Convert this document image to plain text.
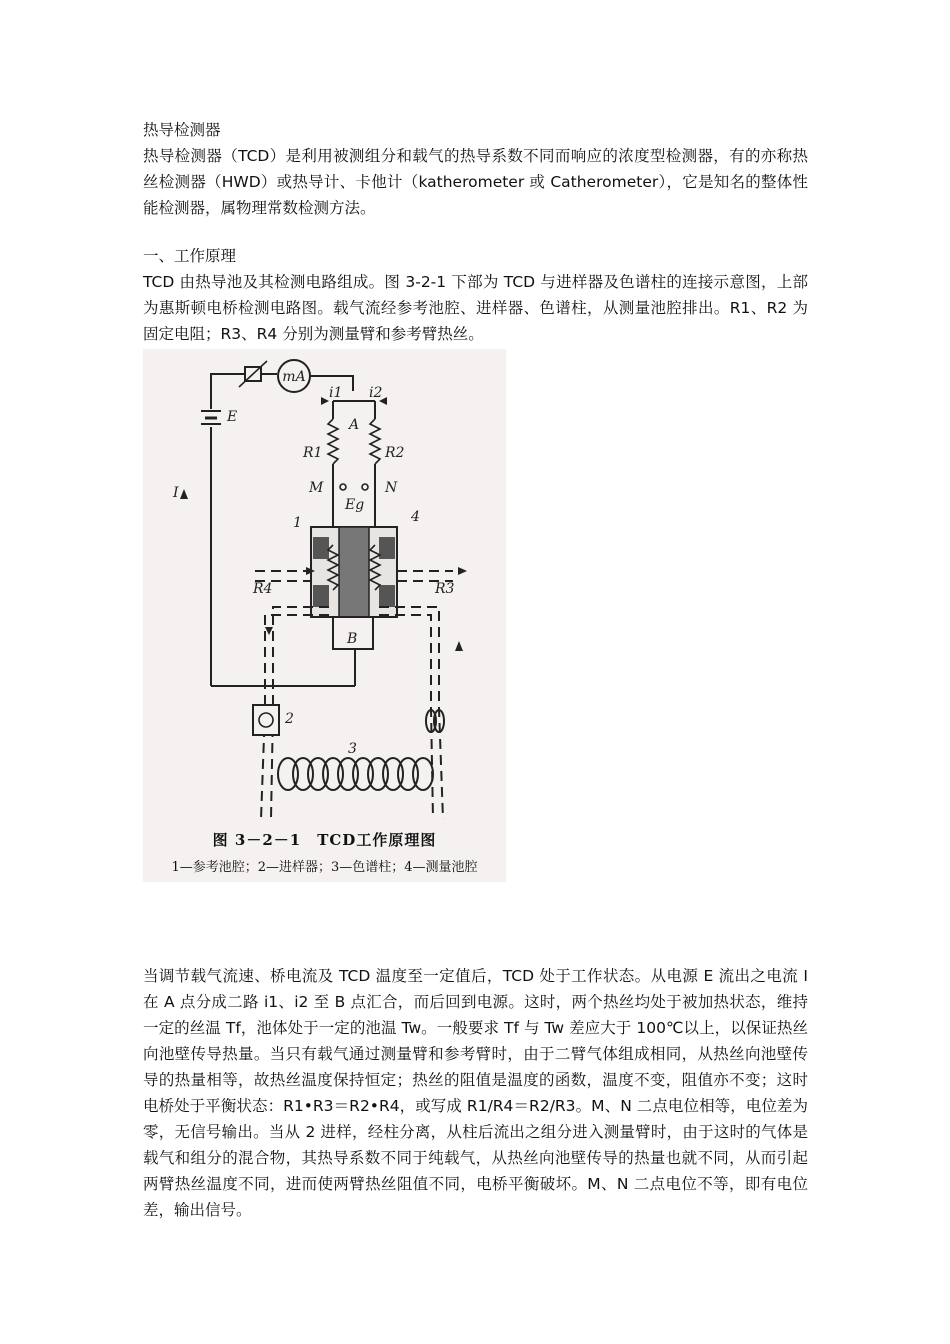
热导检测器

热导检测器（TCD）是利用被测组分和载气的热导系数不同而响应的浓度型检测器，有的亦称热丝检测器（HWD）或热导计、卡他计（katherometer 或 Catherometer），它是知名的整体性能检测器，属物理常数检测方法。

一、工作原理

TCD 由热导池及其检测电路组成。图 3-2-1 下部为 TCD 与进样器及色谱柱的连接示意图，上部为惠斯顿电桥检测电路图。载气流经参考池腔、进样器、色谱柱，从测量池腔排出。R1、R2 为固定电阻；R3、R4 分别为测量臂和参考臂热丝。

mA
E
I
i1 i2
A
R1	R2
M	N
Eg
1	4
R4	R3
B
2
3
图 3－2－1　TCD工作原理图
1—参考池腔；2—进样器；3—色谱柱；4—测量池腔

当调节载气流速、桥电流及 TCD 温度至一定值后，TCD 处于工作状态。从电源 E 流出之电流 I 在 A 点分成二路 i1、i2 至 B 点汇合，而后回到电源。这时，两个热丝均处于被加热状态，维持一定的丝温 Tf，池体处于一定的池温 Tw。一般要求 Tf 与 Tw 差应大于 100℃以上，以保证热丝向池壁传导热量。当只有载气通过测量臂和参考臂时，由于二臂气体组成相同，从热丝向池壁传导的热量相等，故热丝温度保持恒定；热丝的阻值是温度的函数，温度不变，阻值亦不变；这时电桥处于平衡状态：R1•R3＝R2•R4，或写成 R1/R4＝R2/R3。M、N 二点电位相等，电位差为零，无信号输出。当从 2 进样，经柱分离，从柱后流出之组分进入测量臂时，由于这时的气体是载气和组分的混合物，其热导系数不同于纯载气，从热丝向池壁传导的热量也就不同，从而引起两臂热丝温度不同，进而使两臂热丝阻值不同，电桥平衡破坏。M、N 二点电位不等，即有电位差，输出信号。
